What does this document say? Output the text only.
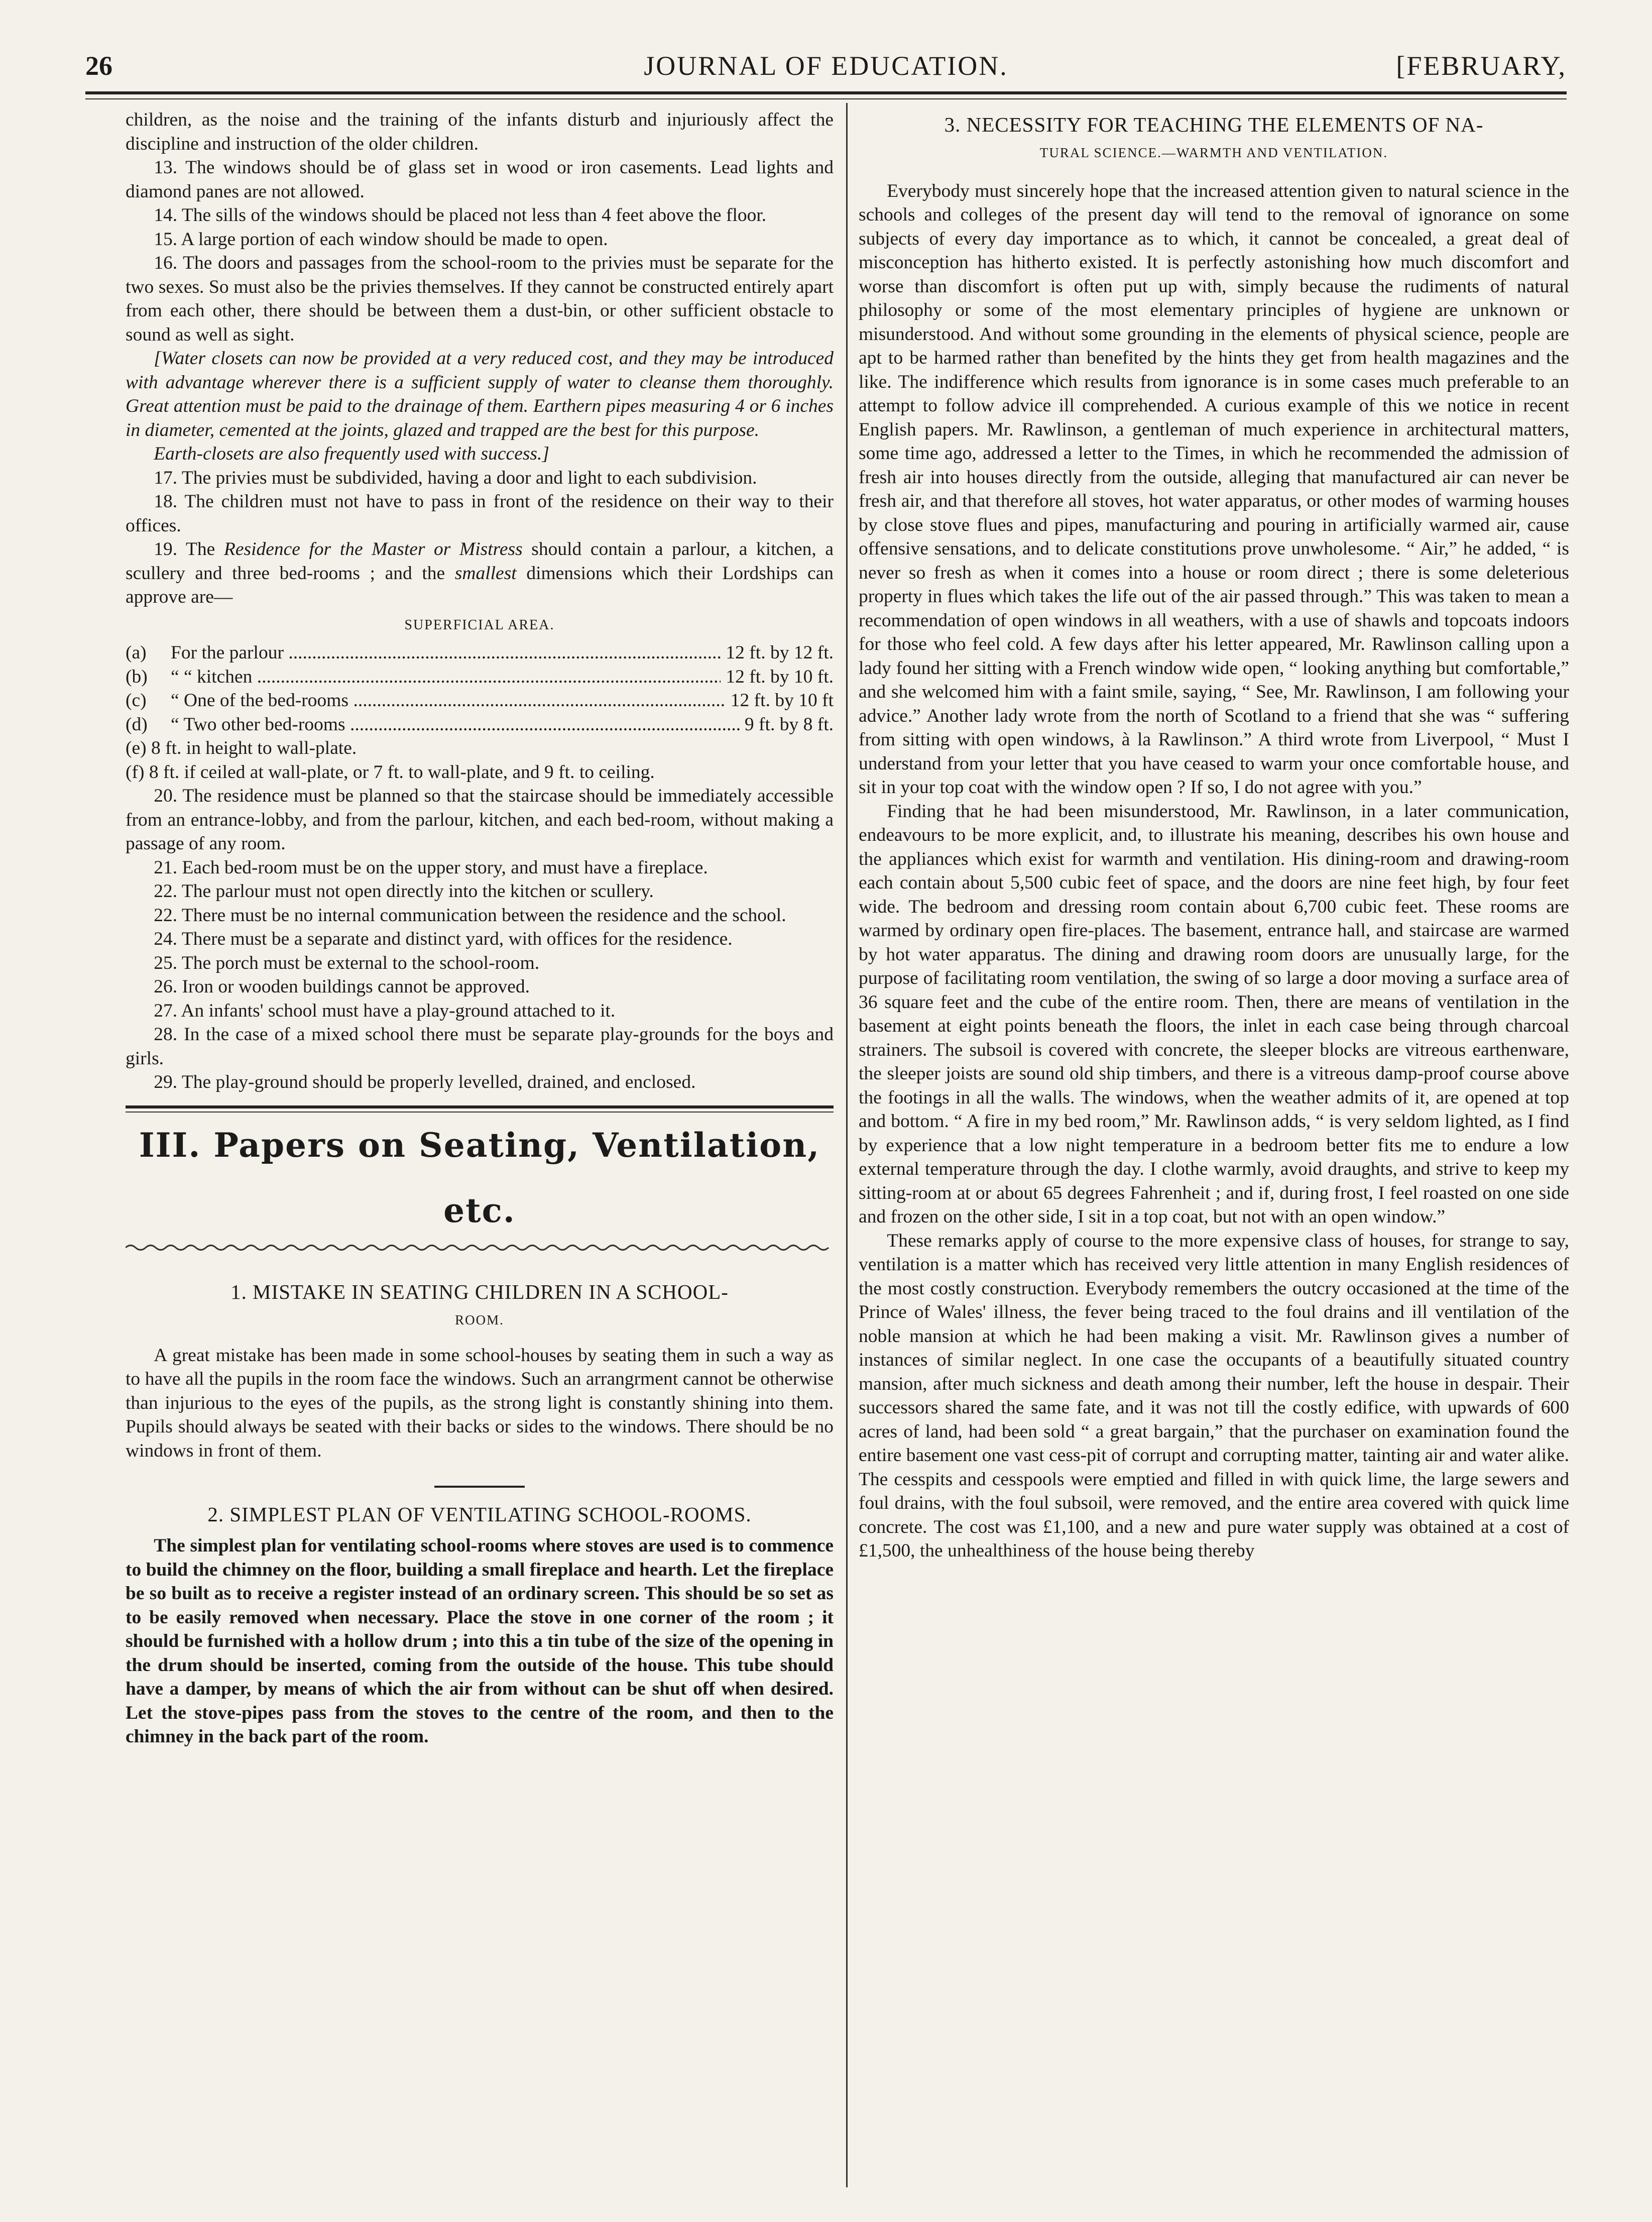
26	JOURNAL OF EDUCATION.	[FEBRUARY,

children, as the noise and the training of the infants disturb and injuriously affect the discipline and instruction of the older children.

13. The windows should be of glass set in wood or iron casements. Lead lights and diamond panes are not allowed.

14. The sills of the windows should be placed not less than 4 feet above the floor.

15. A large portion of each window should be made to open.

16. The doors and passages from the school-room to the privies must be separate for the two sexes. So must also be the privies themselves. If they cannot be constructed entirely apart from each other, there should be between them a dust-bin, or other sufficient obstacle to sound as well as sight.

[Water closets can now be provided at a very reduced cost, and they may be introduced with advantage wherever there is a sufficient supply of water to cleanse them thoroughly. Great attention must be paid to the drainage of them. Earthern pipes measuring 4 or 6 inches in diameter, cemented at the joints, glazed and trapped are the best for this purpose.

Earth-closets are also frequently used with success.]

17. The privies must be subdivided, having a door and light to each subdivision.

18. The children must not have to pass in front of the residence on their way to their offices.

19. The Residence for the Master or Mistress should contain a parlour, a kitchen, a scullery and three bed-rooms ; and the smallest dimensions which their Lordships can approve are—

SUPERFICIAL AREA.
(a)	For the parlour .....	12 ft. by 12 ft.
(b)	“ “ kitchen .....	12 ft. by 10 ft.
(c)	“ One of the bed-rooms .....	12 ft. by 10 ft
(d)	“ Two other bed-rooms .....	9 ft. by 8 ft.

(e) 8 ft. in height to wall-plate.

(f) 8 ft. if ceiled at wall-plate, or 7 ft. to wall-plate, and 9 ft. to ceiling.

20. The residence must be planned so that the staircase should be immediately accessible from an entrance-lobby, and from the parlour, kitchen, and each bed-room, without making a passage of any room.

21. Each bed-room must be on the upper story, and must have a fireplace.

22. The parlour must not open directly into the kitchen or scullery.

22. There must be no internal communication between the residence and the school.

24. There must be a separate and distinct yard, with offices for the residence.

25. The porch must be external to the school-room.

26. Iron or wooden buildings cannot be approved.

27. An infants' school must have a play-ground attached to it.

28. In the case of a mixed school there must be separate play-grounds for the boys and girls.

29. The play-ground should be properly levelled, drained, and enclosed.

III. Papers on Seating, Ventilation, etc.
1. MISTAKE IN SEATING CHILDREN IN A SCHOOL-
ROOM.

A great mistake has been made in some school-houses by seating them in such a way as to have all the pupils in the room face the windows. Such an arrangrment cannot be otherwise than injurious to the eyes of the pupils, as the strong light is constantly shining into them. Pupils should always be seated with their backs or sides to the windows. There should be no windows in front of them.

2. SIMPLEST PLAN OF VENTILATING SCHOOL-ROOMS.

The simplest plan for ventilating school-rooms where stoves are used is to commence to build the chimney on the floor, building a small fireplace and hearth. Let the fireplace be so built as to receive a register instead of an ordinary screen. This should be so set as to be easily removed when necessary. Place the stove in one corner of the room ; it should be furnished with a hollow drum ; into this a tin tube of the size of the opening in the drum should be inserted, coming from the outside of the house. This tube should have a damper, by means of which the air from without can be shut off when desired. Let the stove-pipes pass from the stoves to the centre of the room, and then to the chimney in the back part of the room.

3. NECESSITY FOR TEACHING THE ELEMENTS OF NA-
TURAL SCIENCE.—WARMTH AND VENTILATION.

Everybody must sincerely hope that the increased attention given to natural science in the schools and colleges of the present day will tend to the removal of ignorance on some subjects of every day importance as to which, it cannot be concealed, a great deal of misconception has hitherto existed. It is perfectly astonishing how much discomfort and worse than discomfort is often put up with, simply because the rudiments of natural philosophy or some of the most elementary principles of hygiene are unknown or misunderstood. And without some grounding in the elements of physical science, people are apt to be harmed rather than benefited by the hints they get from health magazines and the like. The indifference which results from ignorance is in some cases much preferable to an attempt to follow advice ill comprehended. A curious example of this we notice in recent English papers. Mr. Rawlinson, a gentleman of much experience in architectural matters, some time ago, addressed a letter to the Times, in which he recommended the admission of fresh air into houses directly from the outside, alleging that manufactured air can never be fresh air, and that therefore all stoves, hot water apparatus, or other modes of warming houses by close stove flues and pipes, manufacturing and pouring in artificially warmed air, cause offensive sensations, and to delicate constitutions prove unwholesome. “ Air,” he added, “ is never so fresh as when it comes into a house or room direct ; there is some deleterious property in flues which takes the life out of the air passed through.” This was taken to mean a recommendation of open windows in all weathers, with a use of shawls and topcoats indoors for those who feel cold. A few days after his letter appeared, Mr. Rawlinson calling upon a lady found her sitting with a French window wide open, “ looking anything but comfortable,” and she welcomed him with a faint smile, saying, “ See, Mr. Rawlinson, I am following your advice.” Another lady wrote from the north of Scotland to a friend that she was “ suffering from sitting with open windows, à la Rawlinson.” A third wrote from Liverpool, “ Must I understand from your letter that you have ceased to warm your once comfortable house, and sit in your top coat with the window open ? If so, I do not agree with you.”

Finding that he had been misunderstood, Mr. Rawlinson, in a later communication, endeavours to be more explicit, and, to illustrate his meaning, describes his own house and the appliances which exist for warmth and ventilation. His dining-room and drawing-room each contain about 5,500 cubic feet of space, and the doors are nine feet high, by four feet wide. The bedroom and dressing room contain about 6,700 cubic feet. These rooms are warmed by ordinary open fire-places. The basement, entrance hall, and staircase are warmed by hot water apparatus. The dining and drawing room doors are unusually large, for the purpose of facilitating room ventilation, the swing of so large a door moving a surface area of 36 square feet and the cube of the entire room. Then, there are means of ventilation in the basement at eight points beneath the floors, the inlet in each case being through charcoal strainers. The subsoil is covered with concrete, the sleeper blocks are vitreous earthenware, the sleeper joists are sound old ship timbers, and there is a vitreous damp-proof course above the footings in all the walls. The windows, when the weather admits of it, are opened at top and bottom. “ A fire in my bed room,” Mr. Rawlinson adds, “ is very seldom lighted, as I find by experience that a low night temperature in a bedroom better fits me to endure a low external temperature through the day. I clothe warmly, avoid draughts, and strive to keep my sitting-room at or about 65 degrees Fahrenheit ; and if, during frost, I feel roasted on one side and frozen on the other side, I sit in a top coat, but not with an open window.”

These remarks apply of course to the more expensive class of houses, for strange to say, ventilation is a matter which has received very little attention in many English residences of the most costly construction. Everybody remembers the outcry occasioned at the time of the Prince of Wales' illness, the fever being traced to the foul drains and ill ventilation of the noble mansion at which he had been making a visit. Mr. Rawlinson gives a number of instances of similar neglect. In one case the occupants of a beautifully situated country mansion, after much sickness and death among their number, left the house in despair. Their successors shared the same fate, and it was not till the costly edifice, with upwards of 600 acres of land, had been sold “ a great bargain,” that the purchaser on examination found the entire basement one vast cess-pit of corrupt and corrupting matter, tainting air and water alike. The cesspits and cesspools were emptied and filled in with quick lime, the large sewers and foul drains, with the foul subsoil, were removed, and the entire area covered with quick lime concrete. The cost was £1,100, and a new and pure water supply was obtained at a cost of £1,500, the unhealthiness of the house being thereby
